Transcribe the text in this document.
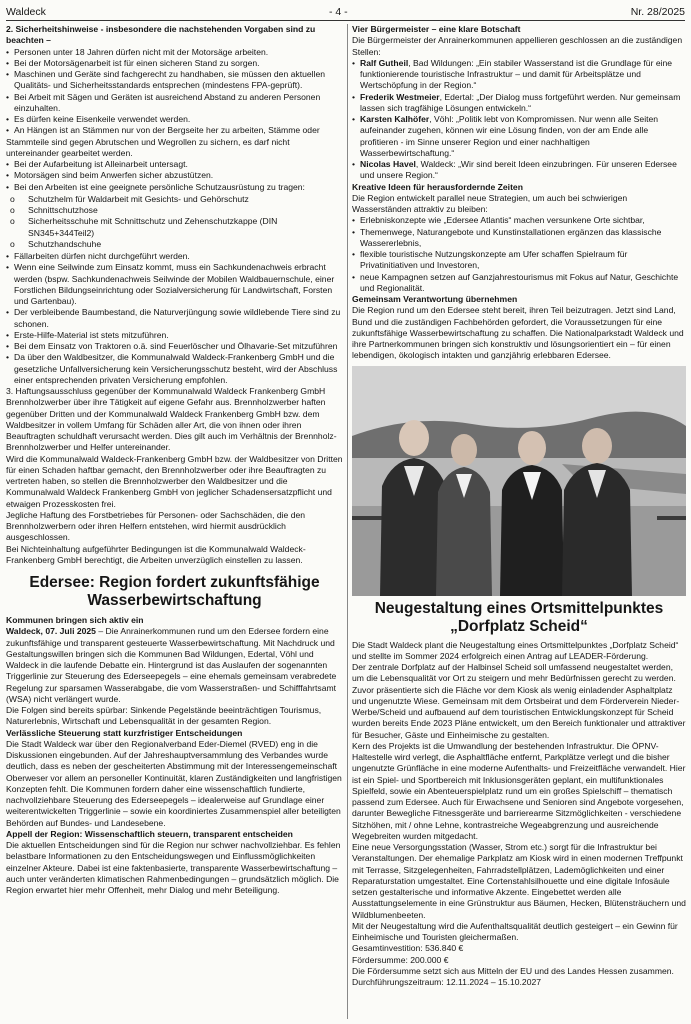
Waldeck	- 4 -	Nr. 28/2025

2. Sicherheitshinweise - insbesondere die nachstehenden Vorgaben sind zu beachten –

• Personen unter 18 Jahren dürfen nicht mit der Motorsäge arbeiten.

• Bei der Motorsägenarbeit ist für einen sicheren Stand zu sorgen.

• Maschinen und Geräte sind fachgerecht zu handhaben, sie müssen den aktuellen Qualitäts- und Sicherheitsstandards entsprechen (mindestens FPA-geprüft).

• Bei Arbeit mit Sägen und Geräten ist ausreichend Abstand zu anderen Personen einzuhalten.

• Es dürfen keine Eisenkeile verwendet werden.

• An Hängen ist an Stämmen nur von der Bergseite her zu arbeiten, Stämme oder

Stammteile sind gegen Abrutschen und Wegrollen zu sichern, es darf nicht untereinander gearbeitet werden.

• Bei der Aufarbeitung ist Alleinarbeit untersagt.

• Motorsägen sind beim Anwerfen sicher abzustützen.

• Bei den Arbeiten ist eine geeignete persönliche Schutzausrüstung zu tragen:

o Schutzhelm für Waldarbeit mit Gesichts- und Gehörschutz

o Schnittschutzhose

o Sicherheitsschuhe mit Schnittschutz und Zehenschutzkappe (DIN SN345+344Teil2)

o Schutzhandschuhe

• Fällarbeiten dürfen nicht durchgeführt werden.

• Wenn eine Seilwinde zum Einsatz kommt, muss ein Sachkundenachweis erbracht werden (bspw. Sachkundenachweis Seilwinde der Mobilen Waldbauernschule, einer Forstlichen Bildungseinrichtung oder Sozialversicherung für Landwirtschaft, Forsten und Gartenbau).

• Der verbleibende Baumbestand, die Naturverjüngung sowie wildlebende Tiere sind zu schonen.

• Erste-Hilfe-Material ist stets mitzuführen.

• Bei dem Einsatz von Traktoren o.ä. sind Feuerlöscher und Ölhavarie-Set mitzuführen

• Da über den Waldbesitzer, die Kommunalwald Waldeck-Frankenberg GmbH und die gesetzliche Unfallversicherung kein Versicherungsschutz besteht, wird der Abschluss einer entsprechenden privaten Versicherung empfohlen.

3. Haftungsausschluss gegenüber der Kommunalwald Waldeck Frankenberg GmbH Brennholzwerber über ihre Tätigkeit auf eigene Gefahr aus. Brennholzwerber haften gegenüber Dritten und der Kommunalwald Waldeck Frankenberg GmbH bzw. dem Waldbesitzer in vollem Umfang für Schäden aller Art, die von ihnen oder ihren Beauftragten schuldhaft verursacht werden. Dies gilt auch im Verhältnis der Brennholz-Brennholzwerber und Helfer untereinander.

Wird die Kommunalwald Waldeck-Frankenberg GmbH bzw. der Waldbesitzer von Dritten für einen Schaden haftbar gemacht, den Brennholzwerber oder ihre Beauftragten zu vertreten haben, so stellen die Brennholzwerber den Waldbesitzer und die Kommunalwald Waldeck Frankenberg GmbH von jeglicher Schadensersatzpflicht und etwaigen Prozesskosten frei.

Jegliche Haftung des Forstbetriebes für Personen- oder Sachschäden, die den Brennholzwerbern oder ihren Helfern entstehen, wird hiermit ausdrücklich ausgeschlossen.

Bei Nichteinhaltung aufgeführter Bedingungen ist die Kommunalwald Waldeck-Frankenberg GmbH berechtigt, die Arbeiten unverzüglich einstellen zu lassen.

Edersee: Region fordert zukunftsfähige Wasserbewirtschaftung

Kommunen bringen sich aktiv ein

Waldeck, 07. Juli 2025 – Die Anrainerkommunen rund um den Edersee fordern eine zukunftsfähige und transparent gesteuerte Wasserbewirtschaftung. Mit Nachdruck und Gestaltungswillen bringen sich die Kommunen Bad Wildungen, Edertal, Vöhl und Waldeck in die laufende Debatte ein. Hintergrund ist das Auslaufen der sogenannten Triggerlinie zur Steuerung des Ederseepegels – eine ehemals gemeinsam verabredete Regelung zur sparsamen Wasserabgabe, die vom Wasserstraßen- und Schifffahrtsamt (WSA) nicht verlängert wurde.

Die Folgen sind bereits spürbar: Sinkende Pegelstände beeinträchtigen Tourismus, Naturerlebnis, Wirtschaft und Lebensqualität in der gesamten Region.

Verlässliche Steuerung statt kurzfristiger Entscheidungen

Die Stadt Waldeck war über den Regionalverband Eder-Diemel (RVED) eng in die Diskussionen eingebunden. Auf der Jahreshauptversammlung des Verbandes wurde deutlich, dass es neben der gescheiterten Abstimmung mit der Interessengemeinschaft Oberweser vor allem an personeller Kontinuität, klaren Zuständigkeiten und langfristigen Konzepten fehlt. Die Kommunen fordern daher eine wissenschaftlich fundierte, nachvollziehbare Steuerung des Ederseepegels – idealerweise auf Grundlage einer weiterentwickelten Triggerlinie – sowie ein koordiniertes Zusammenspiel aller beteiligten Behörden auf Bundes- und Landesebene.

Appell der Region: Wissenschaftlich steuern, transparent entscheiden

Die aktuellen Entscheidungen sind für die Region nur schwer nachvollziehbar. Es fehlen belastbare Informationen zu den Entscheidungswegen und Einflussmöglichkeiten einzelner Akteure. Dabei ist eine faktenbasierte, transparente Wasserbewirtschaftung – auch unter veränderten klimatischen Rahmenbedingungen – grundsätzlich möglich. Die Region erwartet hier mehr Offenheit, mehr Dialog und mehr Beteiligung.

Vier Bürgermeister – eine klare Botschaft

Die Bürgermeister der Anrainerkommunen appellieren geschlossen an die zuständigen Stellen:

• Ralf Gutheil, Bad Wildungen: „Ein stabiler Wasserstand ist die Grundlage für eine funktionierende touristische Infrastruktur – und damit für Arbeitsplätze und Wertschöpfung in der Region.“

• Frederik Westmeier, Edertal: „Der Dialog muss fortgeführt werden. Nur gemeinsam lassen sich tragfähige Lösungen entwickeln.“

• Karsten Kalhöfer, Vöhl: „Politik lebt von Kompromissen. Nur wenn alle Seiten aufeinander zugehen, können wir eine Lösung finden, von der am Ende alle profitieren - im Sinne unserer Region und einer nachhaltigen Wasserbewirtschaftung.“

• Nicolas Havel, Waldeck: „Wir sind bereit Ideen einzubringen. Für unseren Edersee und unsere Region.“

Kreative Ideen für herausfordernde Zeiten

Die Region entwickelt parallel neue Strategien, um auch bei schwierigen Wasserständen attraktiv zu bleiben:

• Erlebniskonzepte wie „Edersee Atlantis“ machen versunkene Orte sichtbar,

• Themenwege, Naturangebote und Kunstinstallationen ergänzen das klassische Wassererlebnis,

• flexible touristische Nutzungskonzepte am Ufer schaffen Spielraum für Privatinitiativen und Investoren,

• neue Kampagnen setzen auf Ganzjahrestourismus mit Fokus auf Natur, Geschichte und Regionalität.

Gemeinsam Verantwortung übernehmen

Die Region rund um den Edersee steht bereit, ihren Teil beizutragen. Jetzt sind Land, Bund und die zuständigen Fachbehörden gefordert, die Voraussetzungen für eine zukunftsfähige Wasserbewirtschaftung zu schaffen. Die Nationalparkstadt Waldeck und ihre Partnerkommunen bringen sich konstruktiv und lösungsorientiert ein – für einen lebendigen, ökologisch intakten und ganzjährig erlebbaren Edersee.

Neugestaltung eines Ortsmittelpunktes „Dorfplatz Scheid“

Die Stadt Waldeck plant die Neugestaltung eines Ortsmittelpunktes „Dorfplatz Scheid“ und stellte im Sommer 2024 erfolgreich einen Antrag auf LEADER-Förderung.

Der zentrale Dorfplatz auf der Halbinsel Scheid soll umfassend neugestaltet werden, um die Lebensqualität vor Ort zu steigern und mehr Bedürfnissen gerecht zu werden. Zuvor präsentierte sich die Fläche vor dem Kiosk als wenig einladender Asphaltplatz und ungenutzte Wiese. Gemeinsam mit dem Ortsbeirat und dem Förderverein Nieder-Werbe/Scheid und aufbauend auf dem touristischen Entwicklungskonzept für Scheid wurden bereits Ende 2023 Pläne entwickelt, um den Bereich funktionaler und attraktiver für Besucher, Gäste und Einheimische zu gestalten.

Kern des Projekts ist die Umwandlung der bestehenden Infrastruktur. Die ÖPNV-Haltestelle wird verlegt, die Asphaltfläche entfernt, Parkplätze verlegt und die bisher ungenutzte Grünfläche in eine moderne Aufenthalts- und Freizeitfläche verwandelt. Hier ist ein Spiel- und Sportbereich mit Inklusionsgeräten geplant, ein multifunktionales Spielfeld, sowie ein Abenteuerspielplatz rund um ein großes Spielschiff – thematisch passend zum Edersee. Auch für Erwachsene und Senioren sind Angebote vorgesehen, darunter Bewegliche Fitnessgeräte und barrierearme Sitzmöglichkeiten - verschiedene Sitzhöhen, mit / ohne Lehne, kontrastreiche Wegeabgrenzung und ausreichende Wegebreiten wurden mitgedacht.

Eine neue Versorgungsstation (Wasser, Strom etc.) sorgt für die Infrastruktur bei Veranstaltungen. Der ehemalige Parkplatz am Kiosk wird in einen modernen Treffpunkt mit Terrasse, Sitzgelegenheiten, Fahrradstellplätzen, Lademöglichkeiten und einer Reparaturstation umgestaltet. Eine Cortenstahlsilhouette und eine digitale Infosäule setzen gestalterische und informative Akzente. Eingebettet werden alle Ausstattungselemente in eine Grünstruktur aus Bäumen, Hecken, Blütensträuchern und Wildblumenbeeten.

Mit der Neugestaltung wird die Aufenthaltsqualität deutlich gesteigert – ein Gewinn für Einheimische und Touristen gleichermaßen.

Gesamtinvestition: 536.840 €

Fördersumme: 200.000 €

Die Fördersumme setzt sich aus Mitteln der EU und des Landes Hessen zusammen.

Durchführungszeitraum: 12.11.2024 – 15.10.2027
